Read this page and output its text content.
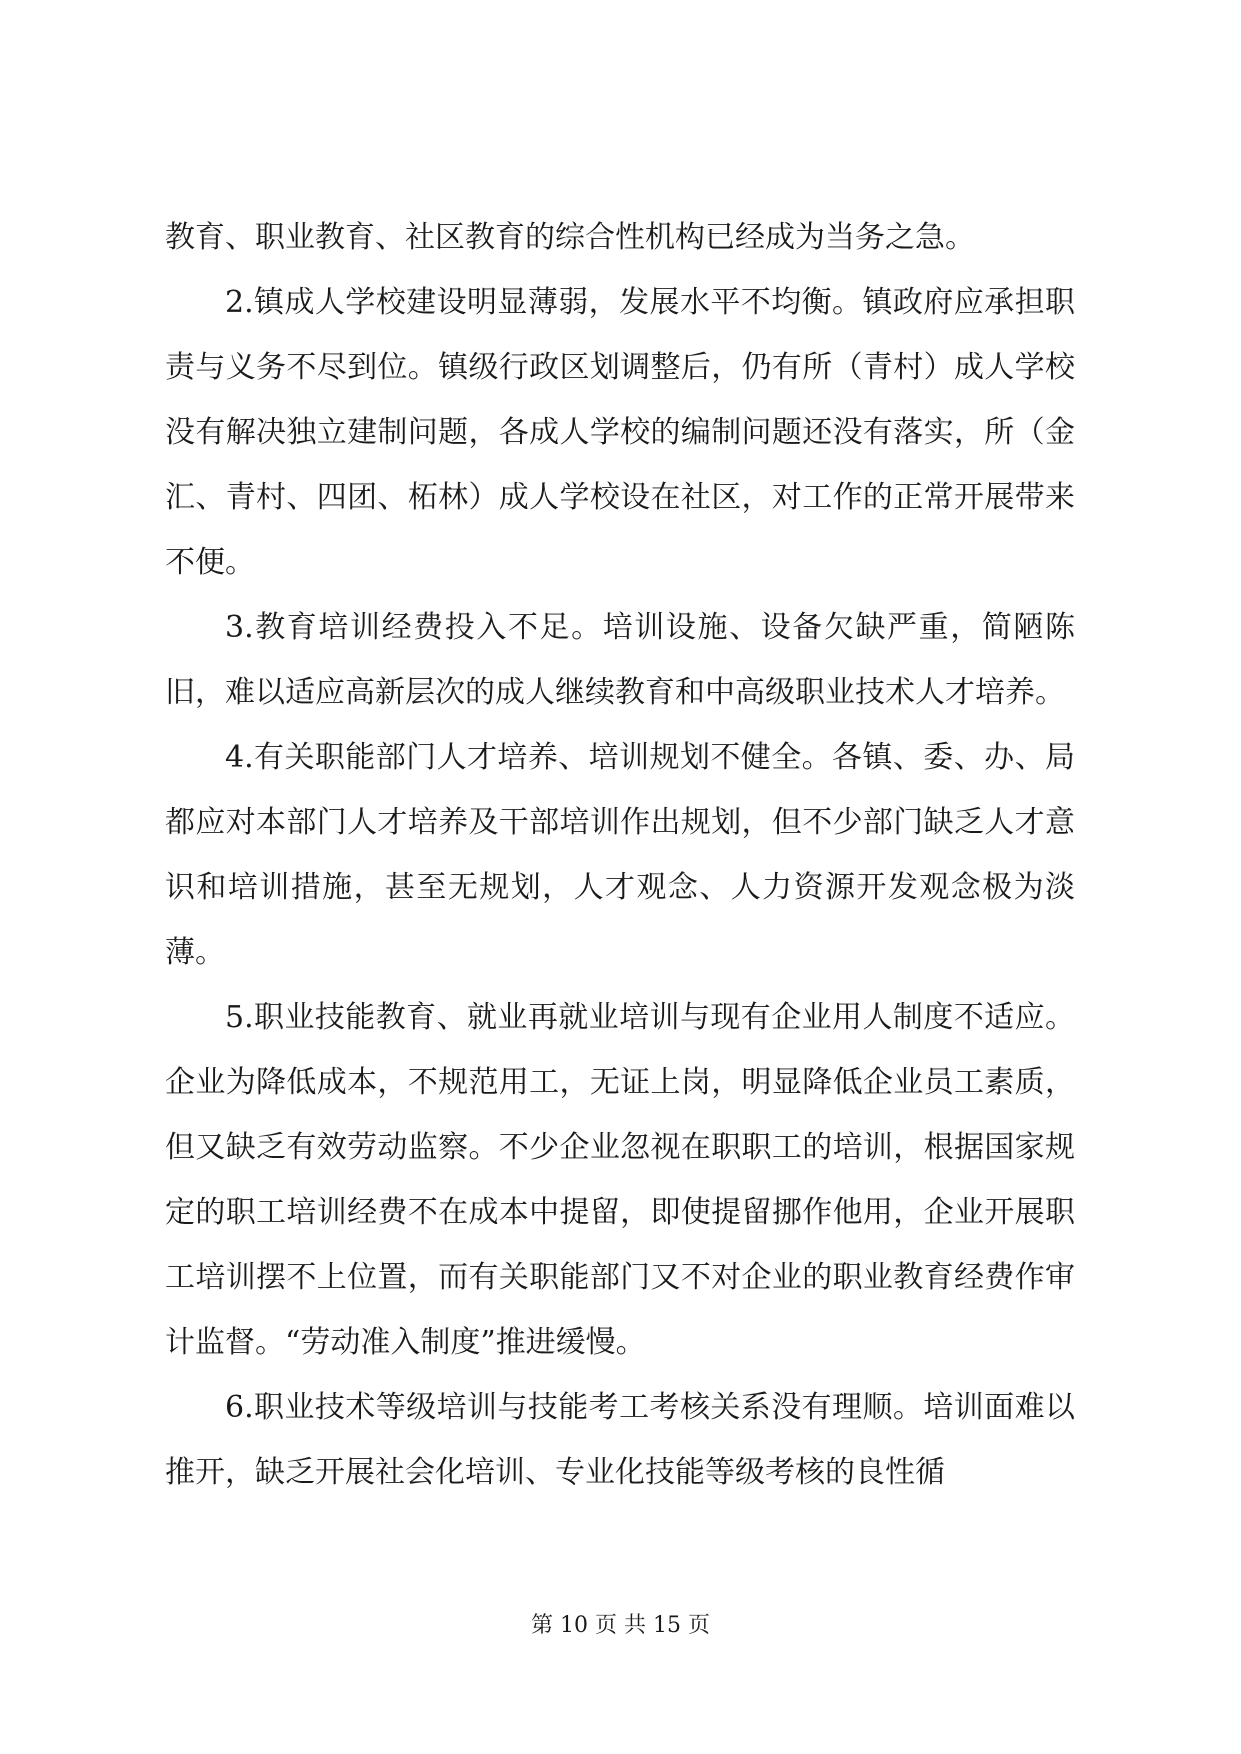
教育、职业教育、社区教育的综合性机构已经成为当务之急。

2.镇成人学校建设明显薄弱，发展水平不均衡。镇政府应承担职责与义务不尽到位。镇级行政区划调整后，仍有所（青村）成人学校没有解决独立建制问题，各成人学校的编制问题还没有落实，所（金汇、青村、四团、柘林）成人学校设在社区，对工作的正常开展带来不便。

3.教育培训经费投入不足。培训设施、设备欠缺严重，简陋陈旧，难以适应高新层次的成人继续教育和中高级职业技术人才培养。

4.有关职能部门人才培养、培训规划不健全。各镇、委、办、局都应对本部门人才培养及干部培训作出规划，但不少部门缺乏人才意识和培训措施，甚至无规划，人才观念、人力资源开发观念极为淡薄。

5.职业技能教育、就业再就业培训与现有企业用人制度不适应。企业为降低成本，不规范用工，无证上岗，明显降低企业员工素质，但又缺乏有效劳动监察。不少企业忽视在职职工的培训，根据国家规定的职工培训经费不在成本中提留，即使提留挪作他用，企业开展职工培训摆不上位置，而有关职能部门又不对企业的职业教育经费作审计监督。“劳动准入制度”推进缓慢。

6.职业技术等级培训与技能考工考核关系没有理顺。培训面难以推开，缺乏开展社会化培训、专业化技能等级考核的良性循

第 10 页 共 15 页
